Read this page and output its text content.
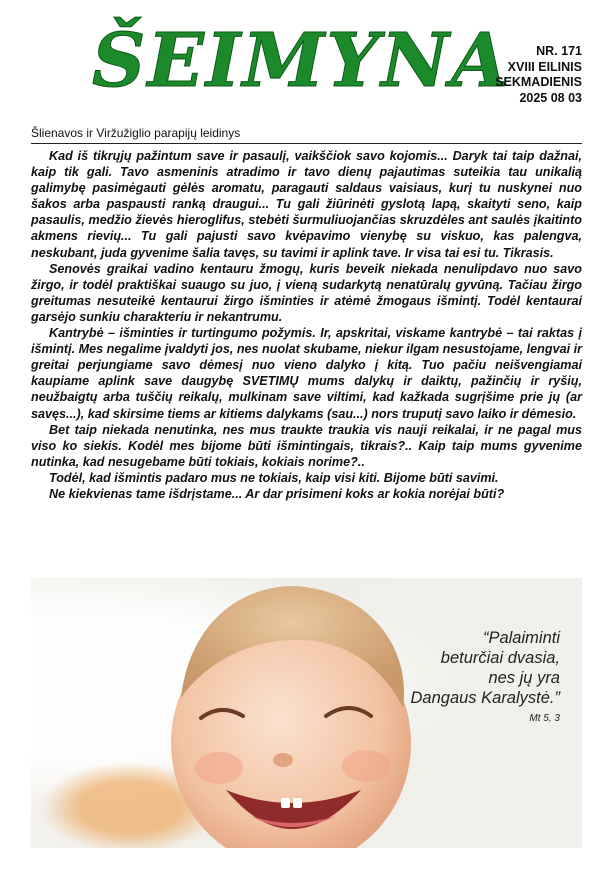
ŠEIMYNA	NR. 171
XVIII EILINIS
SEKMADIENIS
2025 08 03
Šlienavos ir Viržužiglio parapijų leidinys

Kad iš tikrųjų pažintum save ir pasaulį, vaikščiok savo kojomis... Daryk tai taip dažnai, kaip tik gali. Tavo asmeninis atradimo ir tavo dienų pajautimas suteikia tau unikalią galimybę pasimėgauti gėlės aromatu, paragauti saldaus vaisiaus, kurį tu nuskynei nuo šakos arba paspausti ranką draugui... Tu gali žiūrinėti gyslotą lapą, skaityti seno, kaip pasaulis, medžio žievės hieroglifus, stebėti šurmuliuojančias skruzdėles ant saulės įkaitinto akmens rievių... Tu gali pajusti savo kvėpavimo vienybę su viskuo, kas palengva, neskubant, juda gyvenime šalia tavęs, su tavimi ir aplink tave. Ir visa tai esi tu. Tikrasis.

Senovės graikai vadino kentauru žmogų, kuris beveik niekada nenulipdavo nuo savo žirgo, ir todėl praktiškai suaugo su juo, į vieną sudarkytą nenatūralų gyvūną. Tačiau žirgo greitumas nesuteikė kentaurui žirgo išminties ir atėmė žmogaus išmintį. Todėl kentaurai garsėjo sunkiu charakteriu ir nekantrumu.

Kantrybė – išminties ir turtingumo požymis. Ir, apskritai, viskame kantrybė – tai raktas į išmintį. Mes negalime įvaldyti jos, nes nuolat skubame, niekur ilgam nesustojame, lengvai ir greitai perjungiame savo dėmesį nuo vieno dalyko į kitą. Tuo pačiu neišvengiamai kaupiame aplink save daugybę SVETIMŲ mums dalykų ir daiktų, pažinčių ir ryšių, neužbaigtų arba tuščių reikalų, mulkinam save viltimi, kad kažkada sugrįšime prie jų (ar savęs...), kad skirsime tiems ar kitiems dalykams (sau...) nors truputį savo laiko ir dėmesio.

Bet taip niekada nenutinka, nes mus traukte traukia vis nauji reikalai, ir ne pagal mus viso ko siekis. Kodėl mes bijome būti išmintingais, tikrais?.. Kaip taip mums gyvenime nutinka, kad nesugebame būti tokiais, kokiais norime?..

Todėl, kad išmintis padaro mus ne tokiais, kaip visi kiti. Bijome būti savimi.

Ne kiekvienas tame išdrįstame... Ar dar prisimeni koks ar kokia norėjai būti?

“Palaiminti
beturčiai dvasia,
nes jų yra
Dangaus Karalystė.”
Mt 5, 3
